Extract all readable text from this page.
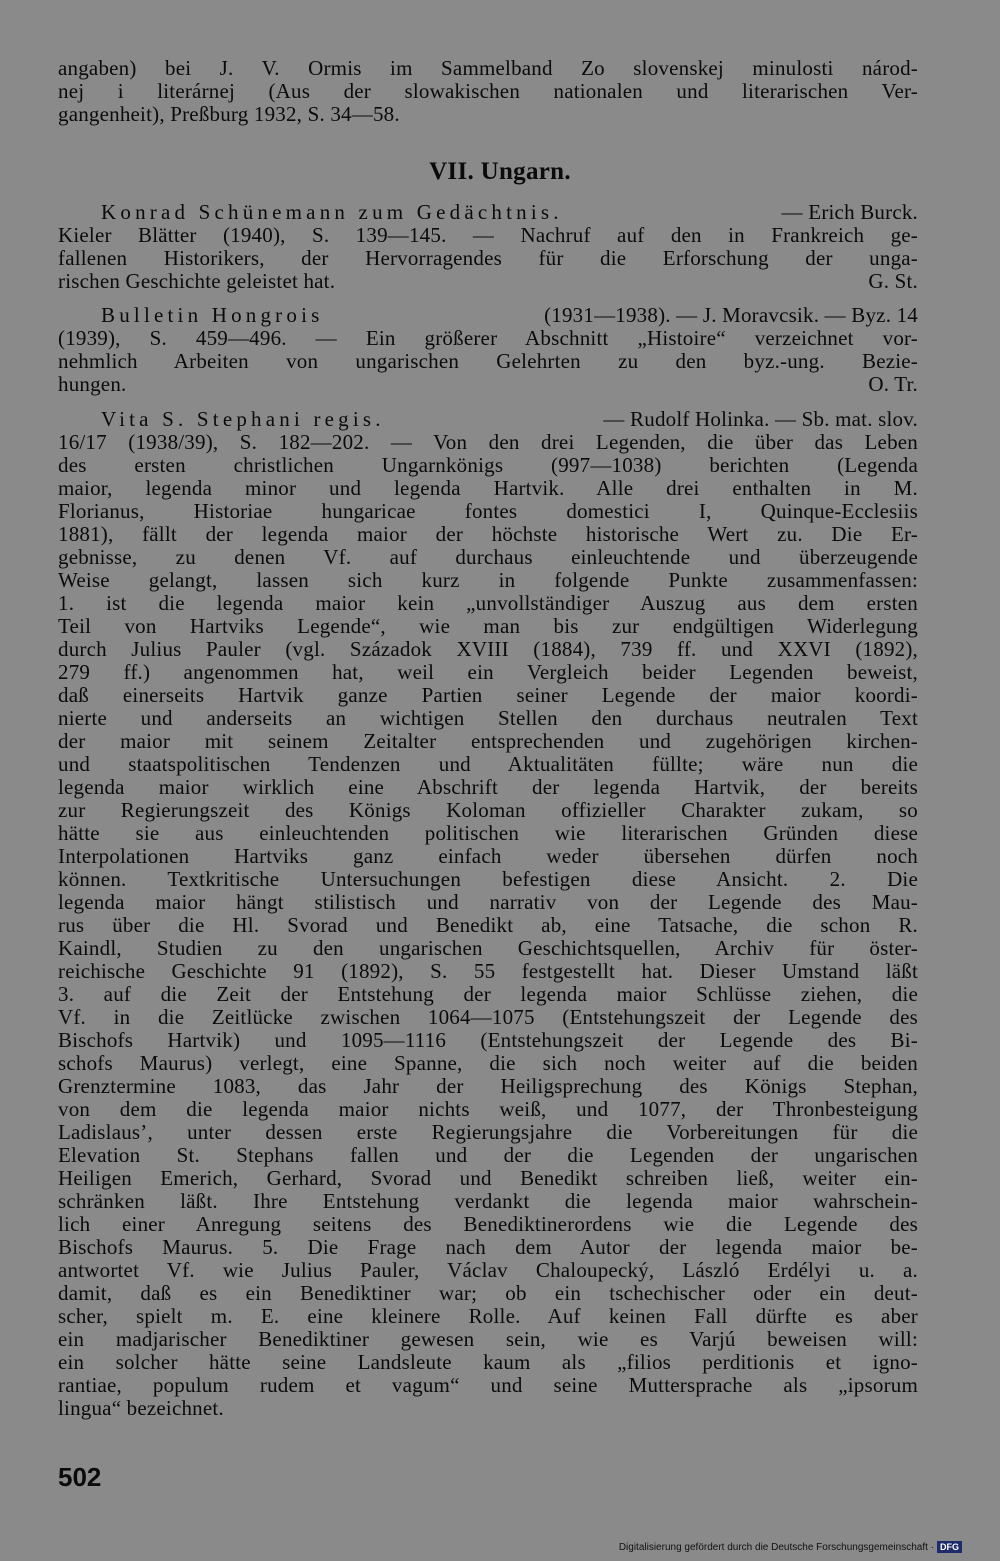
angaben) bei J. V. Ormis im Sammelband Zo slovenskej minulosti národ-
nej i literárnej (Aus der slowakischen nationalen und literarischen Ver-
gangenheit), Preßburg 1932, S. 34—58.
VII. Ungarn.
Konrad Schünemann zum Gedächtnis.	— Erich Burck.
Kieler Blätter (1940), S. 139—145. — Nachruf auf den in Frankreich ge-
fallenen Historikers, der Hervorragendes für die Erforschung der unga-
rischen Geschichte geleistet hat.	G. St.
Bulletin Hongrois	(1931—1938). — J. Moravcsik. — Byz. 14
(1939), S. 459—496. — Ein größerer Abschnitt „Histoire“ verzeichnet vor-
nehmlich Arbeiten von ungarischen Gelehrten zu den byz.-ung. Bezie-
hungen.	O. Tr.
Vita S. Stephani regis.	— Rudolf Holinka. — Sb. mat. slov.
16/17 (1938/39), S. 182—202. — Von den drei Legenden, die über das Leben
des ersten christlichen Ungarnkönigs (997—1038) berichten (Legenda
maior, legenda minor und legenda Hartvik. Alle drei enthalten in M.
Florianus, Historiae hungaricae fontes domestici I, Quinque-Ecclesiis
1881), fällt der legenda maior der höchste historische Wert zu. Die Er-
gebnisse, zu denen Vf. auf durchaus einleuchtende und überzeugende
Weise gelangt, lassen sich kurz in folgende Punkte zusammenfassen:
1. ist die legenda maior kein „unvollständiger Auszug aus dem ersten
Teil von Hartviks Legende“, wie man bis zur endgültigen Widerlegung
durch Julius Pauler (vgl. Századok XVIII (1884), 739 ff. und XXVI (1892),
279 ff.) angenommen hat, weil ein Vergleich beider Legenden beweist,
daß einerseits Hartvik ganze Partien seiner Legende der maior koordi-
nierte und anderseits an wichtigen Stellen den durchaus neutralen Text
der maior mit seinem Zeitalter entsprechenden und zugehörigen kirchen-
und staatspolitischen Tendenzen und Aktualitäten füllte; wäre nun die
legenda maior wirklich eine Abschrift der legenda Hartvik, der bereits
zur Regierungszeit des Königs Koloman offizieller Charakter zukam, so
hätte sie aus einleuchtenden politischen wie literarischen Gründen diese
Interpolationen Hartviks ganz einfach weder übersehen dürfen noch
können. Textkritische Untersuchungen befestigen diese Ansicht. 2. Die
legenda maior hängt stilistisch und narrativ von der Legende des Mau-
rus über die Hl. Svorad und Benedikt ab, eine Tatsache, die schon R.
Kaindl, Studien zu den ungarischen Geschichtsquellen, Archiv für öster-
reichische Geschichte 91 (1892), S. 55 festgestellt hat. Dieser Umstand läßt
3. auf die Zeit der Entstehung der legenda maior Schlüsse ziehen, die
Vf. in die Zeitlücke zwischen 1064—1075 (Entstehungszeit der Legende des
Bischofs Hartvik) und 1095—1116 (Entstehungszeit der Legende des Bi-
schofs Maurus) verlegt, eine Spanne, die sich noch weiter auf die beiden
Grenztermine 1083, das Jahr der Heiligsprechung des Königs Stephan,
von dem die legenda maior nichts weiß, und 1077, der Thronbesteigung
Ladislaus’, unter dessen erste Regierungsjahre die Vorbereitungen für die
Elevation St. Stephans fallen und der die Legenden der ungarischen
Heiligen Emerich, Gerhard, Svorad und Benedikt schreiben ließ, weiter ein-
schränken läßt. Ihre Entstehung verdankt die legenda maior wahrschein-
lich einer Anregung seitens des Benediktinerordens wie die Legende des
Bischofs Maurus. 5. Die Frage nach dem Autor der legenda maior be-
antwortet Vf. wie Julius Pauler, Václav Chaloupecký, László Erdélyi u. a.
damit, daß es ein Benediktiner war; ob ein tschechischer oder ein deut-
scher, spielt m. E. eine kleinere Rolle. Auf keinen Fall dürfte es aber
ein madjarischer Benediktiner gewesen sein, wie es Varjú beweisen will:
ein solcher hätte seine Landsleute kaum als „filios perditionis et igno-
rantiae, populum rudem et vagum“ und seine Muttersprache als „ipsorum
lingua“ bezeichnet.
502
Digitalisierung gefördert durch die Deutsche Forschungsgemeinschaft · DFG
